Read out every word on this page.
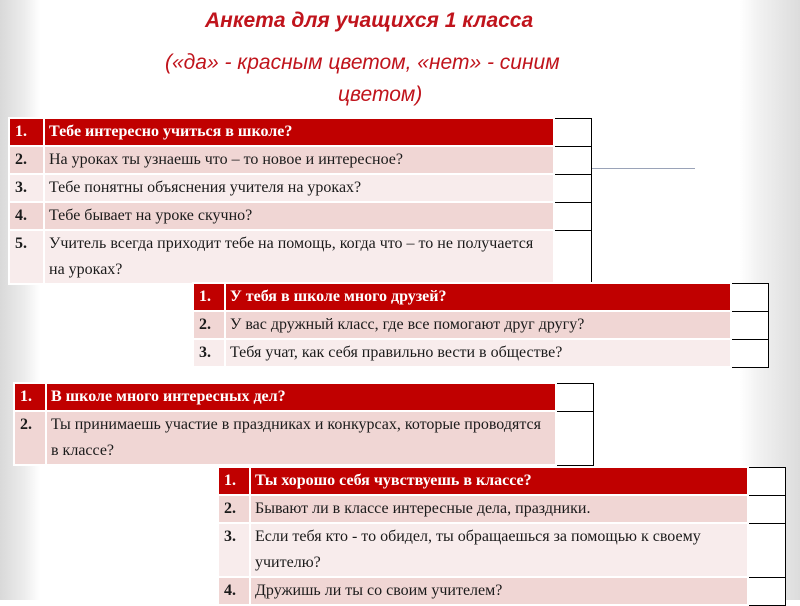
Анкета для учащихся 1 класса

(«да» - красным цветом, «нет» - синим

цветом)

1.	Тебе интересно учиться в школе?	
2.	На уроках ты узнаешь что – то новое и интересное?	
3.	Тебе понятны объяснения учителя на уроках?	
4.	Тебе бывает на уроке скучно?	
5.	Учитель всегда приходит тебе на помощь, когда что – то не получается на уроках?	
1.	У тебя в школе много друзей?	
2.	У вас дружный класс, где все помогают друг другу?	
3.	Тебя учат, как себя правильно вести в обществе?	
1.	В школе много интересных дел?	
2.	Ты принимаешь участие в праздниках и конкурсах, которые проводятся в классе?	
1.	Ты хорошо себя чувствуешь в классе?	
2.	Бывают ли в классе интересные дела, праздники.	
3.	Если тебя кто - то обидел, ты обращаешься за помощью к своему учителю?	
4.	Дружишь ли ты со своим учителем?	
